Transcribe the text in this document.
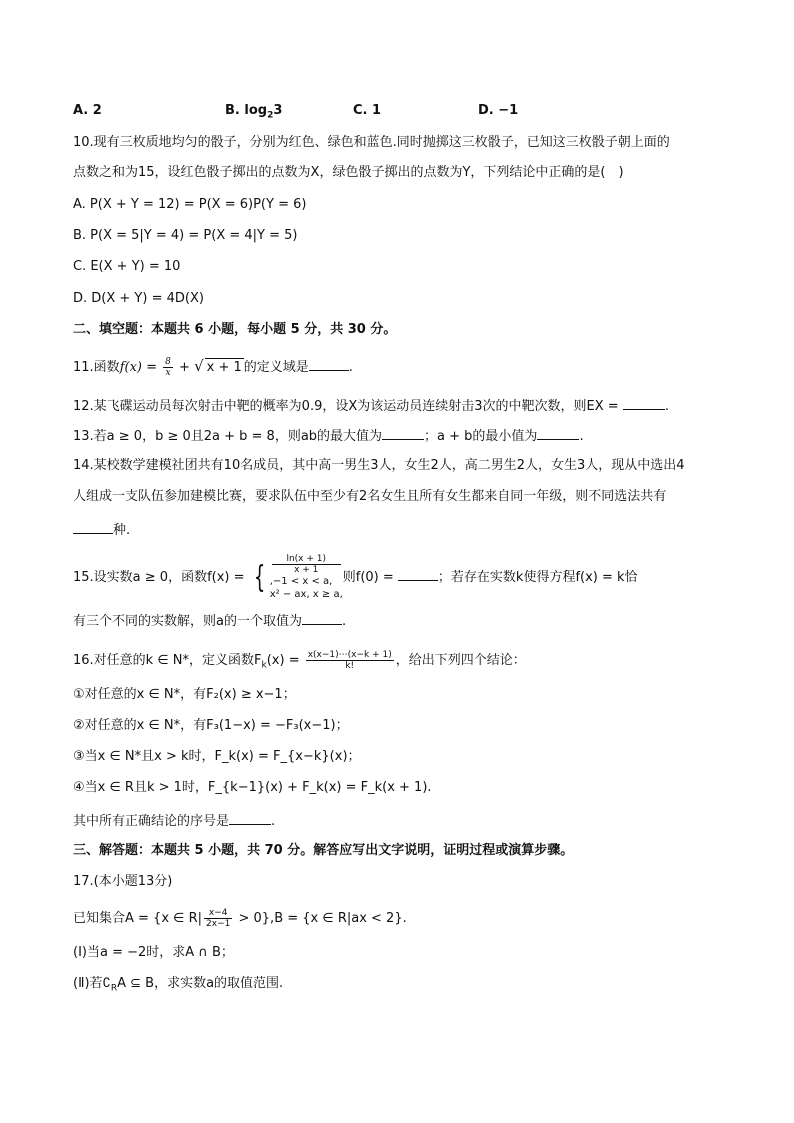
A. 2	B. $\log_23$	C. 1	D. −1
10.现有三枚质地均匀的骰子，分别为红色、绿色和蓝色.同时抛掷这三枚骰子，已知这三枚骰子朝上面的
点数之和为15，设红色骰子掷出的点数为X，绿色骰子掷出的点数为Y，下列结论中正确的是(　)
A. P(X + Y = 12) = P(X = 6)P(Y = 6)
B. P(X = 5|Y = 4) = P(X = 4|Y = 5)
C. E(X + Y) = 10
D. D(X + Y) = 4D(X)
二、填空题：本题共 6 小题，每小题 5 分，共 30 分。
11.函数$f(x) = \frac{8}{x}$ + √ x + 1 的定义域是	.
12.某飞碟运动员每次射击中靶的概率为0.9，设X为该运动员连续射击3次的中靶次数，则EX =	.
13.若a ≥ 0，b ≥ 0且2a + b = 8，则ab的最大值为	；a + b的最小值为	.
14.某校数学建模社团共有10名成员，其中高一男生3人，女生2人，高二男生2人，女生3人，现从中选出4
人组成一支队伍参加建模比赛，要求队伍中至少有2名女生且所有女生都来自同一年级，则不同选法共有
种.
15.设实数a ≥ 0，函数f(x) = {
ln(x + 1)
x + 1
,−1 < x < a,
x² − ax, x ≥ a,
则f(0) =	；若存在实数k使得方程f(x) = k恰
有三个不同的实数解，则a的一个取值为	.
16.对任意的k ∈ N*，定义函数$F_k(x) = \frac{x(x-1)\cdots(x-k + 1)}{k!}$ ，给出下列四个结论：
①对任意的x ∈ N*，有F₂(x) ≥ x−1；
②对任意的x ∈ N*，有F₃(1−x) = −F₃(x−1)；
③当x ∈ N*且x > k时，F_k(x) = F_{x−k}(x)；
④当x ∈ R且k > 1时，F_{k−1}(x) + F_k(x) = F_k(x + 1).
其中所有正确结论的序号是	.
三、解答题：本题共 5 小题，共 70 分。解答应写出文字说明，证明过程或演算步骤。
17.(本小题13分)
已知集合A = {x ∈ $R| \frac{x-4}{2x-1} > 0\},B = \{x$ ∈ R|ax < 2}.
(I)当a = −2时，求A ∩ B；
(Ⅱ)若$∁_RA$ ⊆ B，求实数a的取值范围.
